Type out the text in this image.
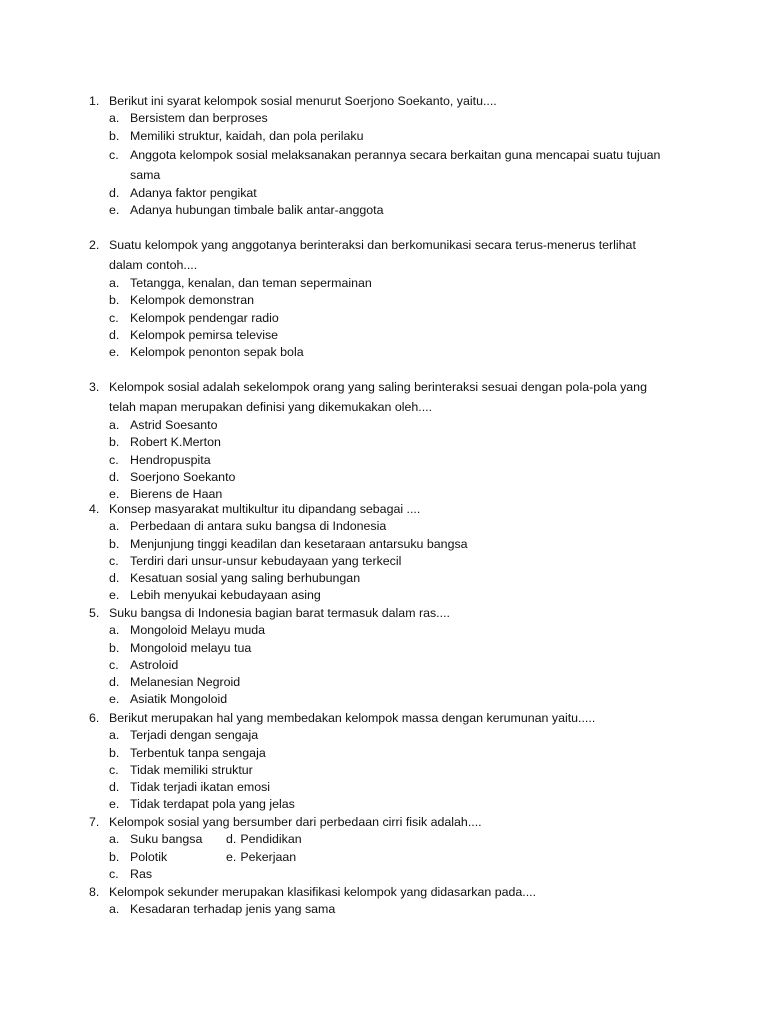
1. Berikut ini syarat kelompok sosial menurut Soerjono Soekanto, yaitu....
a. Bersistem dan berproses
b. Memiliki struktur, kaidah, dan pola perilaku
c. Anggota kelompok sosial melaksanakan perannya secara berkaitan guna mencapai suatu tujuan sama
d. Adanya faktor pengikat
e. Adanya hubungan timbale balik antar-anggota
2. Suatu kelompok yang anggotanya berinteraksi dan berkomunikasi secara terus-menerus terlihat dalam contoh....
a. Tetangga, kenalan, dan teman sepermainan
b. Kelompok demonstran
c. Kelompok pendengar radio
d. Kelompok pemirsa televise
e. Kelompok penonton sepak bola
3. Kelompok sosial adalah sekelompok orang yang saling berinteraksi sesuai dengan pola-pola yang telah mapan merupakan definisi yang dikemukakan oleh....
a. Astrid Soesanto
b. Robert K.Merton
c. Hendropuspita
d. Soerjono Soekanto
e. Bierens de Haan
4. Konsep masyarakat multikultur itu dipandang sebagai ....
a. Perbedaan di antara suku bangsa di Indonesia
b. Menjunjung tinggi keadilan dan kesetaraan antarsuku bangsa
c. Terdiri dari unsur-unsur kebudayaan yang terkecil
d. Kesatuan sosial yang saling berhubungan
e. Lebih menyukai kebudayaan asing
5. Suku bangsa di Indonesia bagian barat termasuk dalam ras....
a. Mongoloid Melayu muda
b. Mongoloid melayu tua
c. Astroloid
d. Melanesian Negroid
e. Asiatik Mongoloid
6. Berikut merupakan hal yang membedakan kelompok massa dengan kerumunan yaitu.....
a. Terjadi dengan sengaja
b. Terbentuk tanpa sengaja
c. Tidak memiliki struktur
d. Tidak terjadi ikatan emosi
e. Tidak terdapat pola yang jelas
7. Kelompok sosial yang bersumber dari perbedaan cirri fisik adalah....
a. Suku bangsa d. Pendidikan
b. Polotik	e. Pekerjaan
c. Ras
8. Kelompok sekunder merupakan klasifikasi kelompok yang didasarkan pada....
a. Kesadaran terhadap jenis yang sama
